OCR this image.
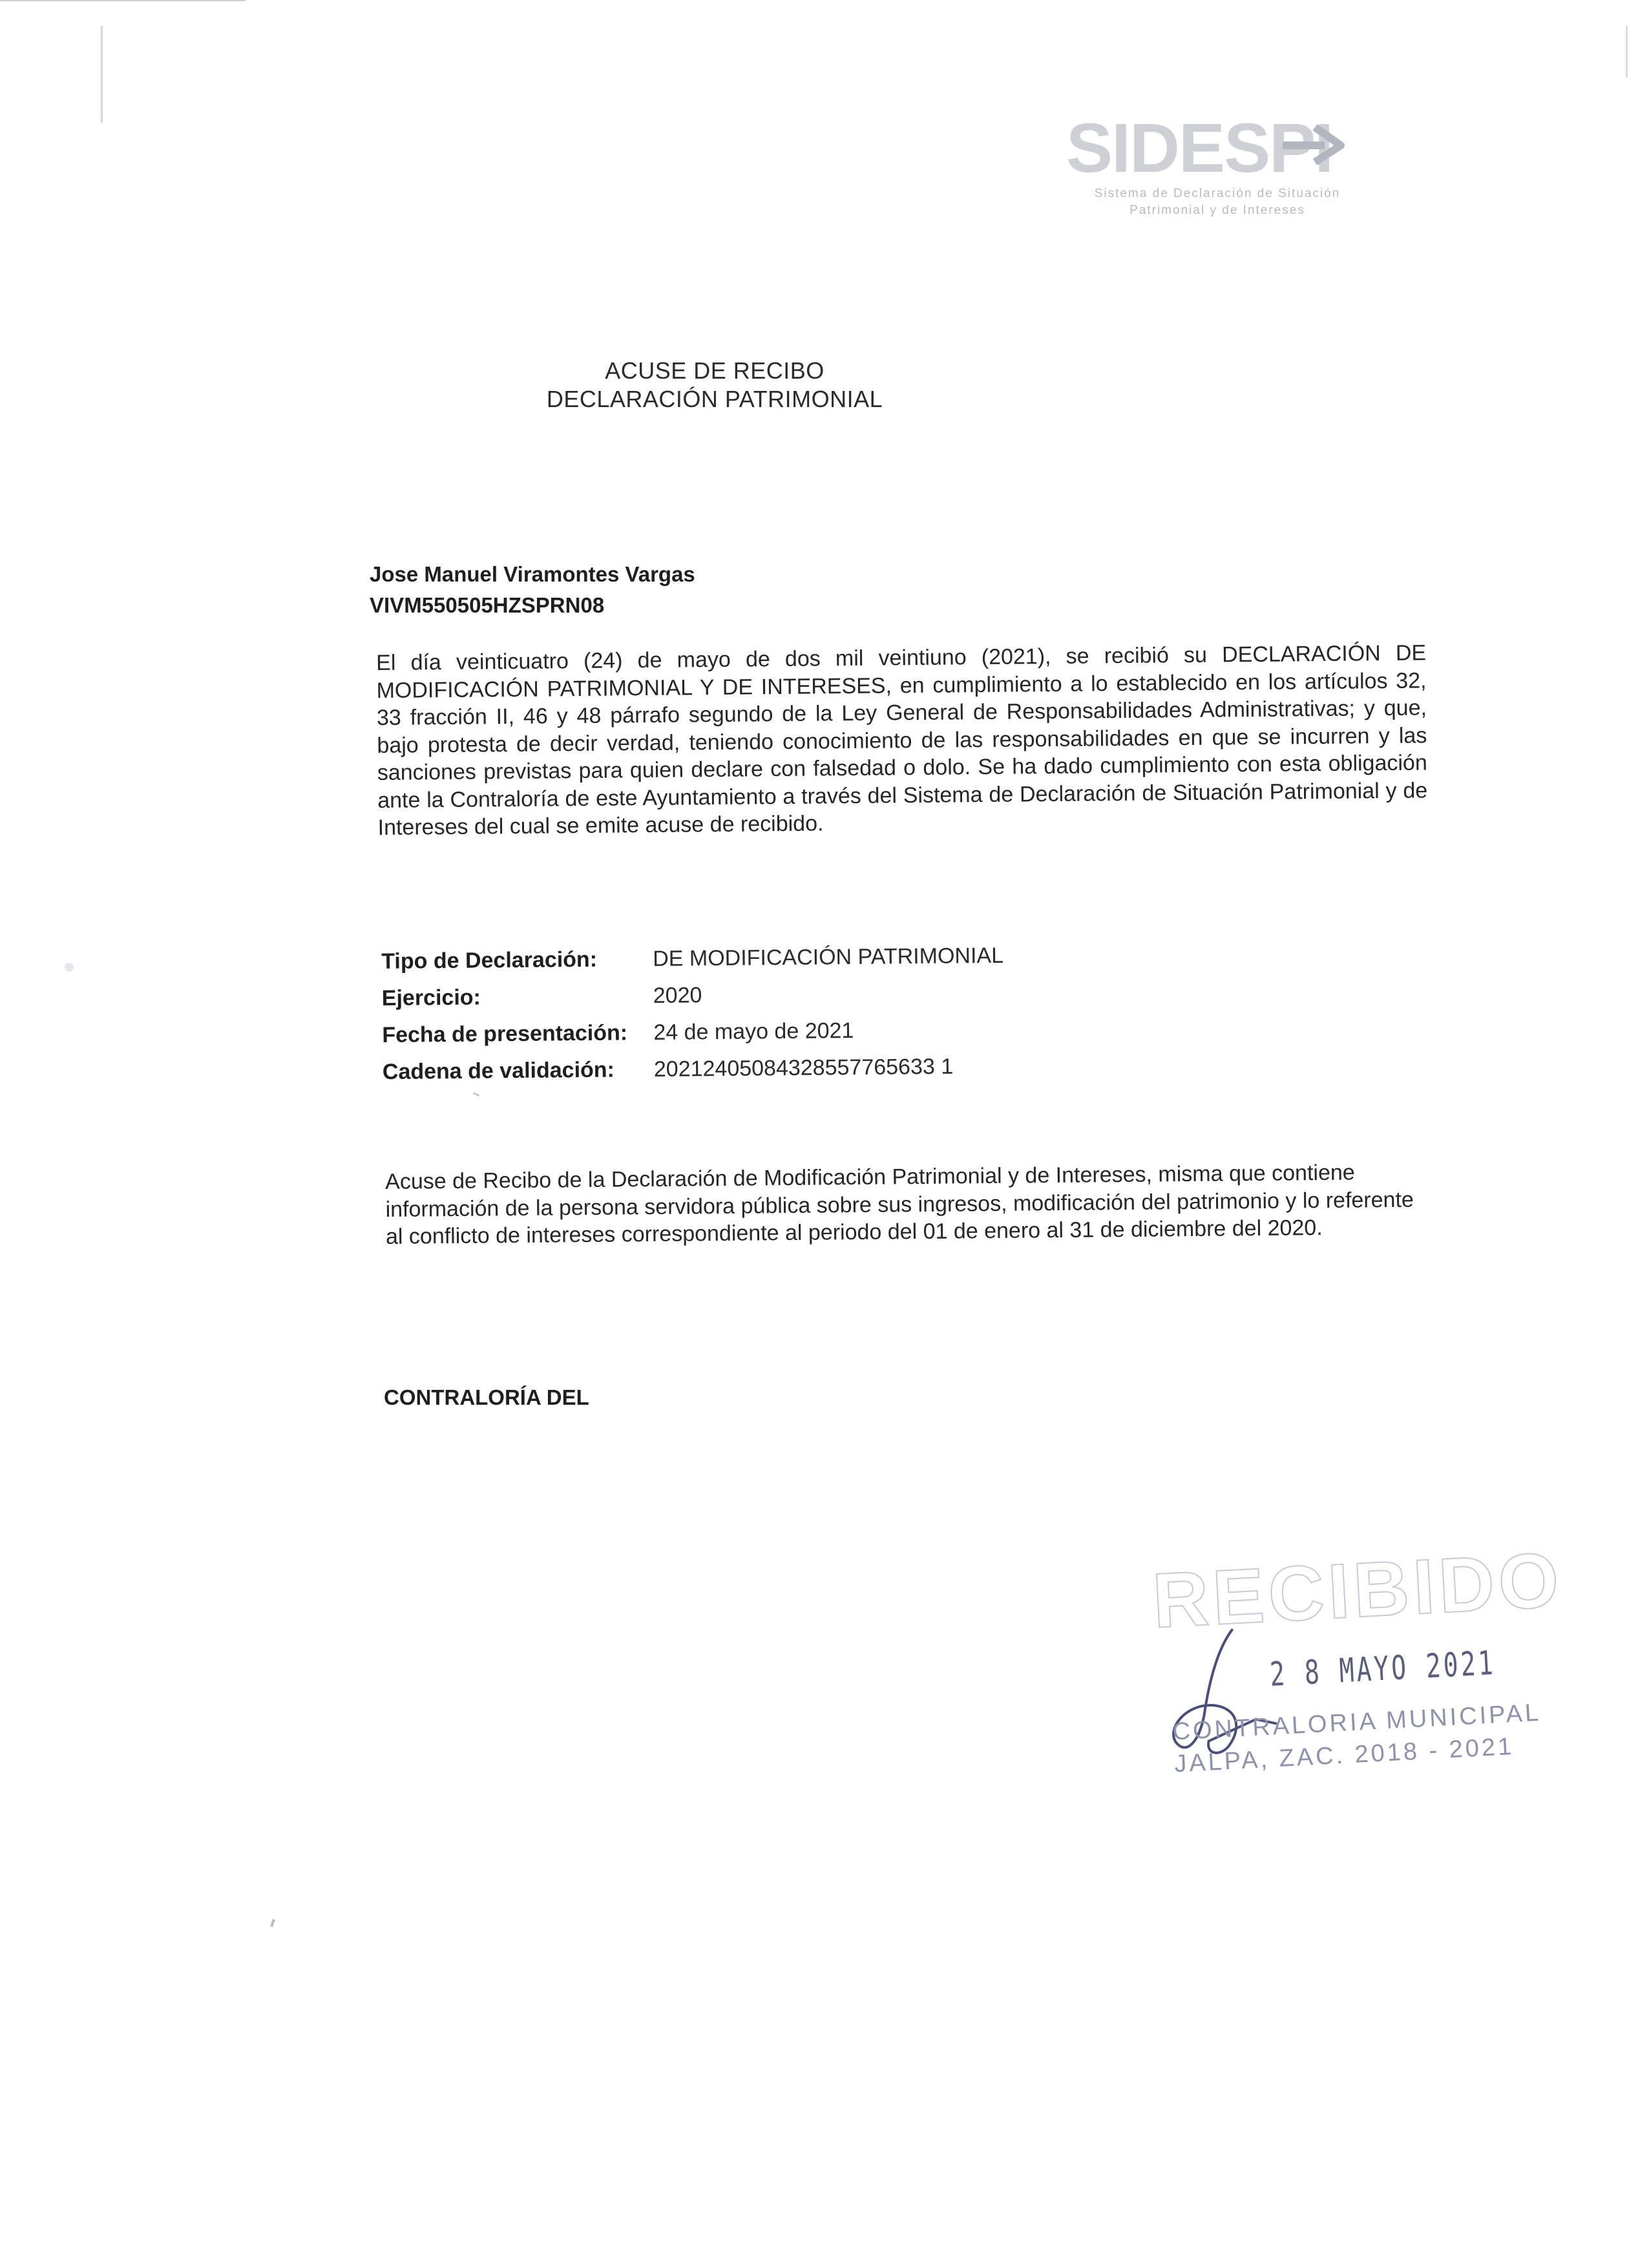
SIDESPI
Sistema de Declaración de Situación Patrimonial y de Intereses
ACUSE DE RECIBO
DECLARACIÓN PATRIMONIAL
Jose Manuel Viramontes Vargas
VIVM550505HZSPRN08
El día veinticuatro (24) de mayo de dos mil veintiuno (2021), se recibió su DECLARACIÓN DE MODIFICACIÓN PATRIMONIAL Y DE INTERESES, en cumplimiento a lo establecido en los artículos 32, 33 fracción II, 46 y 48 párrafo segundo de la Ley General de Responsabilidades Administrativas; y que, bajo protesta de decir verdad, teniendo conocimiento de las responsabilidades en que se incurren y las sanciones previstas para quien declare con falsedad o dolo. Se ha dado cumplimiento con esta obligación ante la Contraloría de este Ayuntamiento a través del Sistema de Declaración de Situación Patrimonial y de Intereses del cual se emite acuse de recibido.
Tipo de Declaración:	DE MODIFICACIÓN PATRIMONIAL
Ejercicio:	2020
Fecha de presentación:	24 de mayo de 2021
Cadena de validación:	20212405084328557765633 1
Acuse de Recibo de la Declaración de Modificación Patrimonial y de Intereses, misma que contiene información de la persona servidora pública sobre sus ingresos, modificación del patrimonio y lo referente al conflicto de intereses correspondiente al periodo del 01 de enero al 31 de diciembre del 2020.
CONTRALORÍA DEL
RECIBIDO
2 8 MAYO 2021
CONTRALORIA MUNICIPAL
JALPA, ZAC. 2018 - 2021
